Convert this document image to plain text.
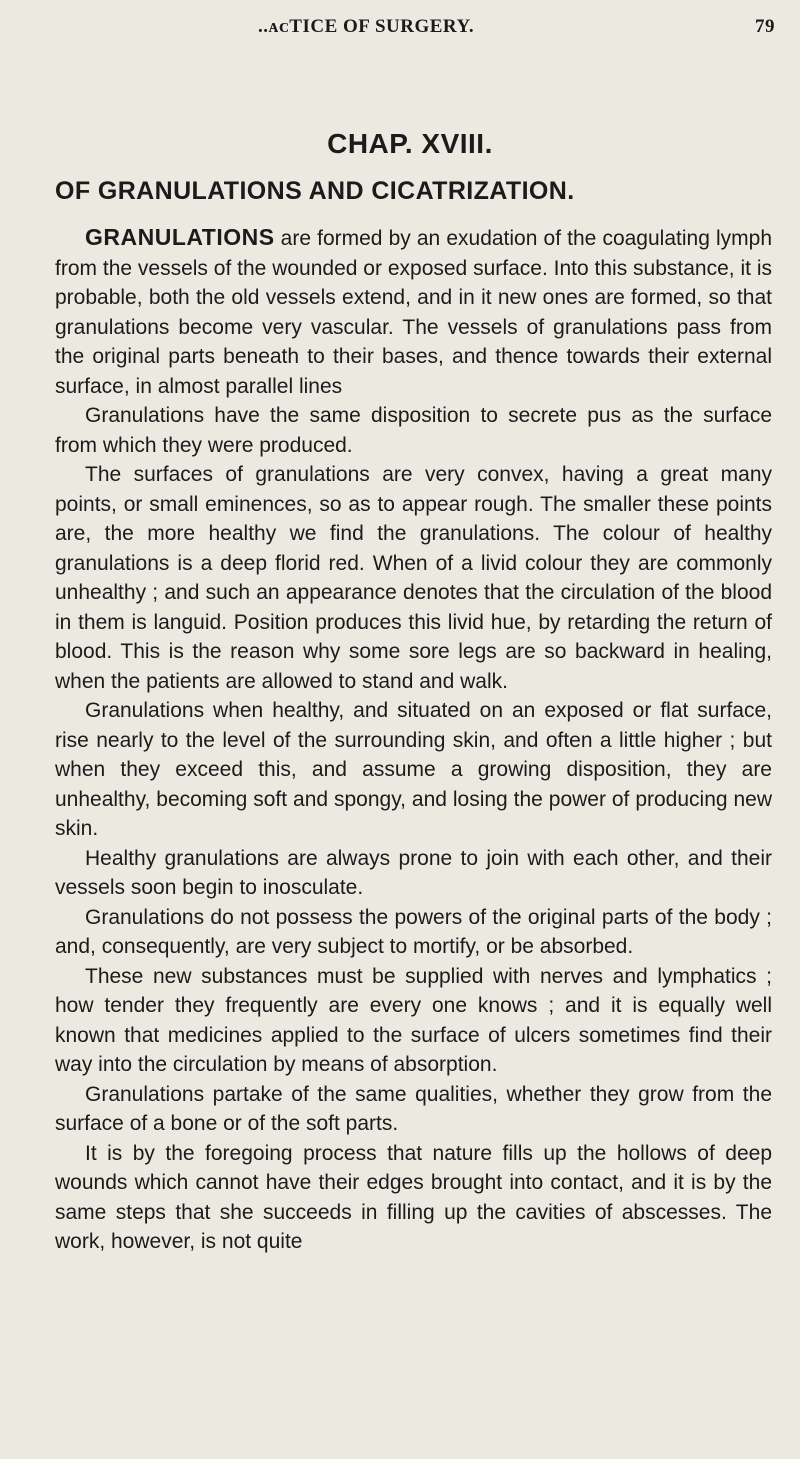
..ᴀᴄTICE OF SURGERY.	79
CHAP. XVIII.
OF GRANULATIONS AND CICATRIZATION.

GRANULATIONS are formed by an exudation of the coagulating lymph from the vessels of the wounded or exposed surface. Into this substance, it is probable, both the old vessels extend, and in it new ones are formed, so that granulations become very vascular. The vessels of granulations pass from the original parts beneath to their bases, and thence towards their external surface, in almost parallel lines

Granulations have the same disposition to secrete pus as the surface from which they were produced.

The surfaces of granulations are very convex, having a great many points, or small eminences, so as to appear rough. The smaller these points are, the more healthy we find the granulations. The colour of healthy granulations is a deep florid red. When of a livid colour they are commonly unhealthy ; and such an appearance denotes that the circulation of the blood in them is languid. Position produces this livid hue, by retarding the return of blood. This is the reason why some sore legs are so backward in healing, when the patients are allowed to stand and walk.

Granulations when healthy, and situated on an exposed or flat surface, rise nearly to the level of the surrounding skin, and often a little higher ; but when they exceed this, and assume a growing disposition, they are unhealthy, becoming soft and spongy, and losing the power of producing new skin.

Healthy granulations are always prone to join with each other, and their vessels soon begin to inosculate.

Granulations do not possess the powers of the original parts of the body ; and, consequently, are very subject to mortify, or be absorbed.

These new substances must be supplied with nerves and lymphatics ; how tender they frequently are every one knows ; and it is equally well known that medicines applied to the surface of ulcers sometimes find their way into the circulation by means of absorption.

Granulations partake of the same qualities, whether they grow from the surface of a bone or of the soft parts.

It is by the foregoing process that nature fills up the hollows of deep wounds which cannot have their edges brought into contact, and it is by the same steps that she succeeds in filling up the cavities of abscesses. The work, however, is not quite
